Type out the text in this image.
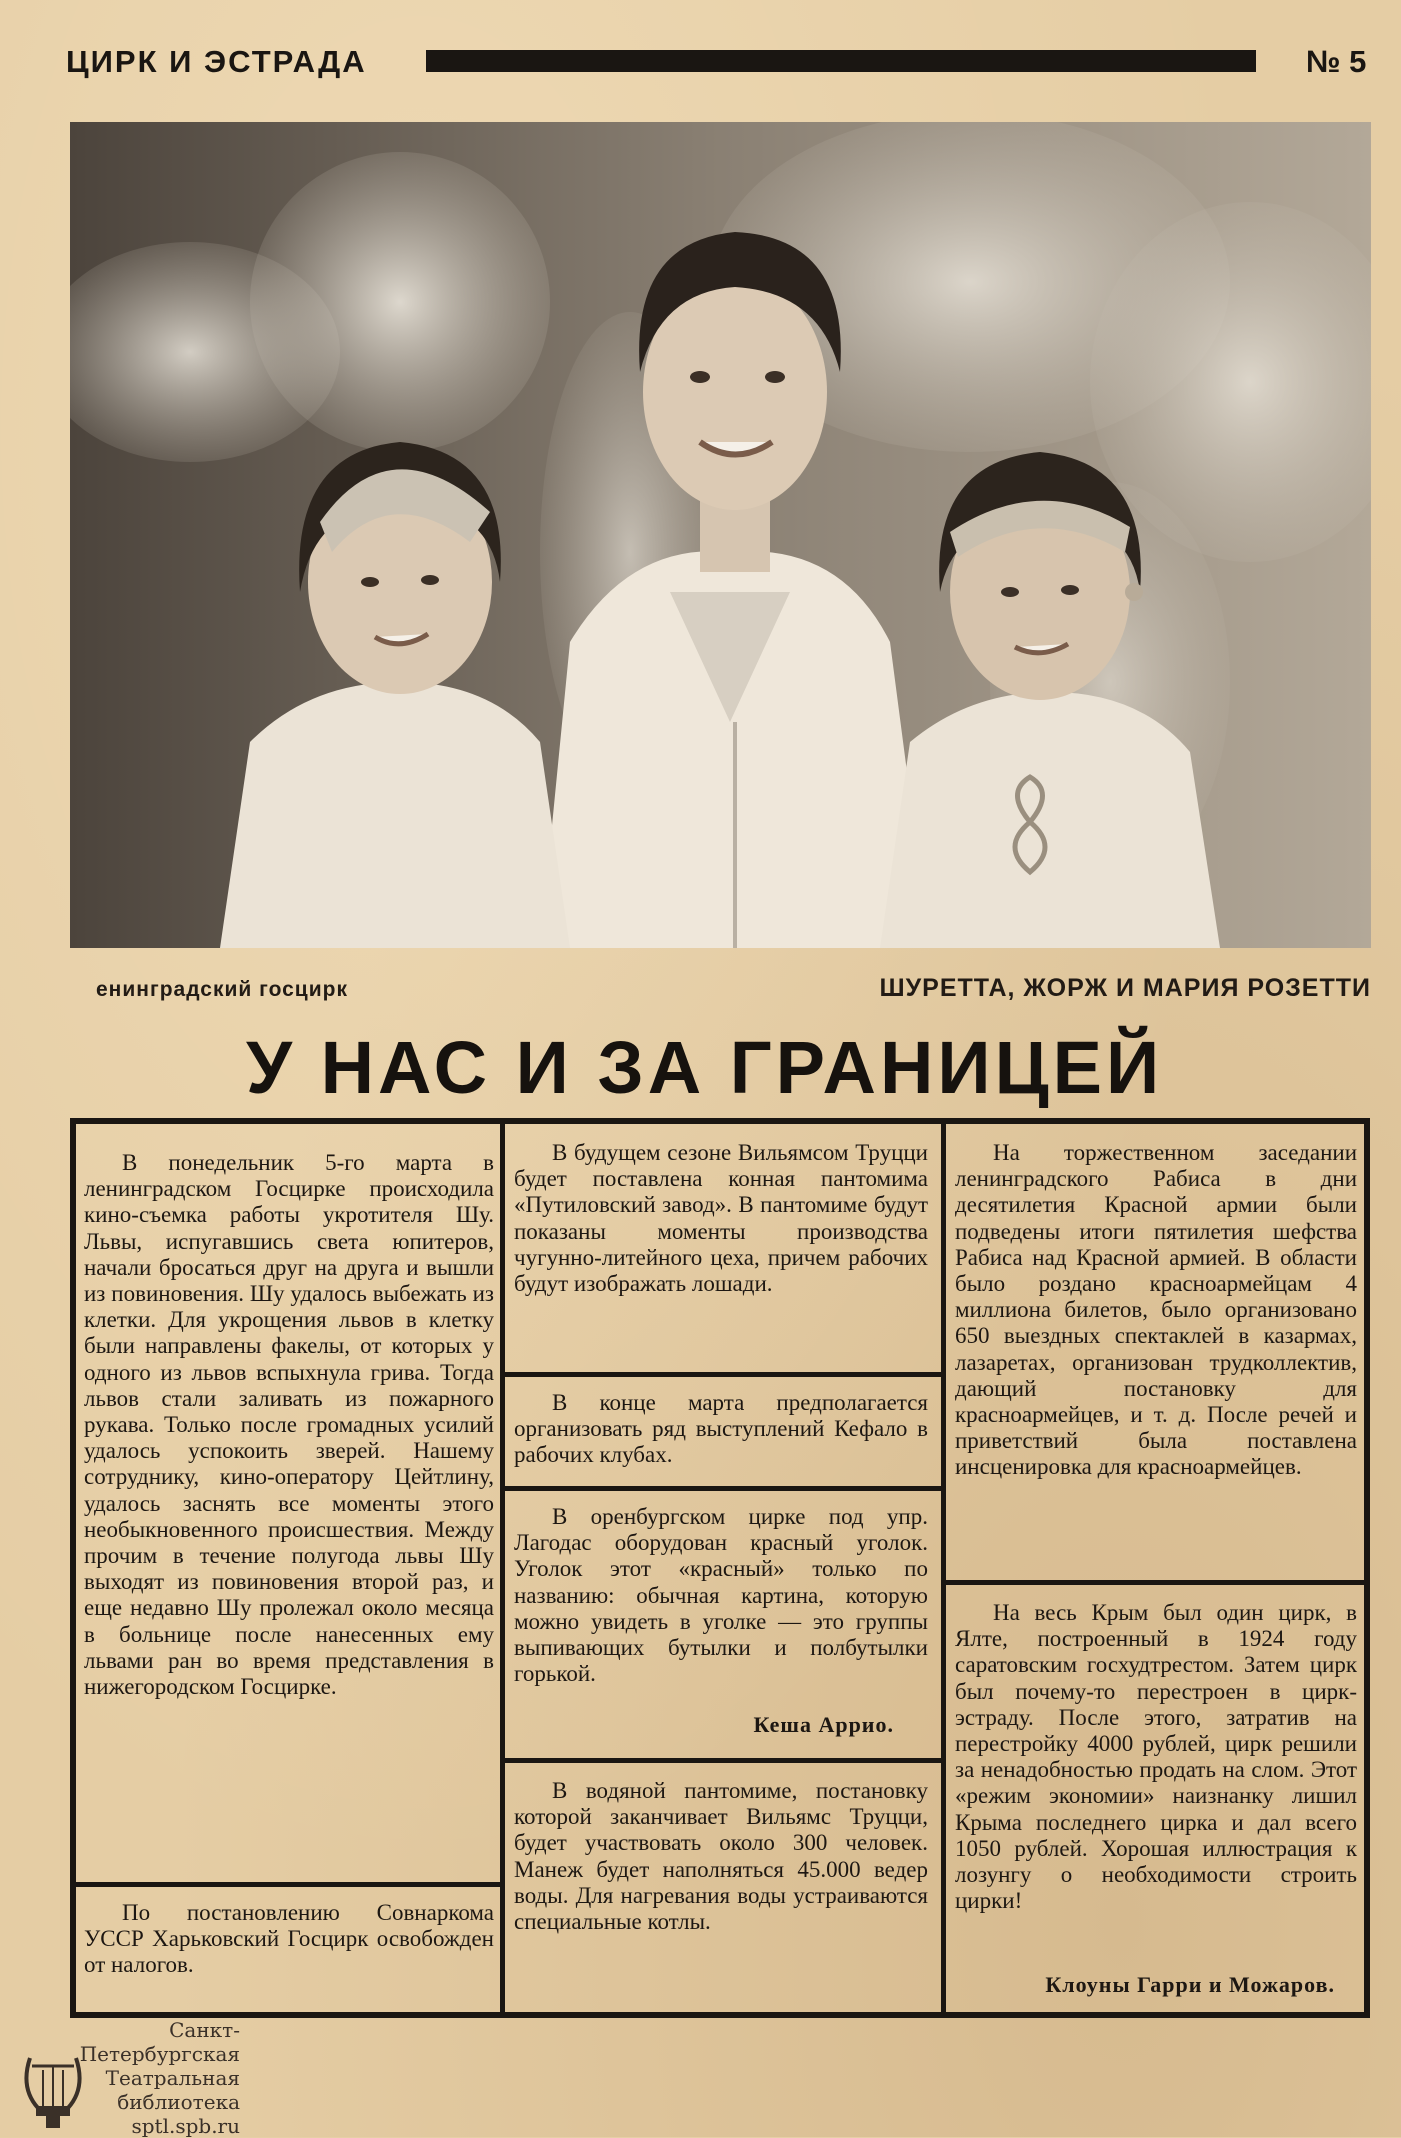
ЦИРК И ЭСТРАДА	№ 5
енинградский госцирк	ШУРЕТТА, ЖОРЖ И МАРИЯ РОЗЕТТИ
У НАС И ЗА ГРАНИЦЕЙ
В понедельник 5-го марта в ленинградском Госцирке происходила кино-съемка работы укротителя Шу. Львы, испугавшись света юпитеров, начали бросаться друг на друга и вышли из повиновения. Шу удалось выбежать из клетки. Для укрощения львов в клетку были направлены факелы, от которых у одного из львов вспыхнула грива. Тогда львов стали заливать из пожарного рукава. Только после громадных усилий удалось успокоить зверей. Нашему сотруднику, кино-оператору Цейтлину, удалось заснять все моменты этого необыкновенного происшествия. Между прочим в течение полугода львы Шу выходят из повиновения второй раз, и еще недавно Шу пролежал около месяца в больнице после нанесенных ему львами ран во время представления в нижегородском Госцирке.
По постановлению Совнаркома УССР Харьковский Госцирк освобожден от налогов.
В будущем сезоне Вильямсом Труцци будет поставлена конная пантомима «Путиловский завод». В пантомиме будут показаны моменты производства чугунно-литейного цеха, причем рабочих будут изображать лошади.
В конце марта предполагается организовать ряд выступлений Кефало в рабочих клубах.
В оренбургском цирке под упр. Лагодас оборудован красный уголок. Уголок этот «красный» только по названию: обычная картина, которую можно увидеть в уголке — это группы выпивающих бутылки и полбутылки горькой.
Кеша Аррио.
В водяной пантомиме, постановку которой заканчивает Вильямс Труцци, будет участвовать около 300 человек. Манеж будет наполняться 45.000 ведер воды. Для нагревания воды устраиваются специальные котлы.
На торжественном заседании ленинградского Рабиса в дни десятилетия Красной армии были подведены итоги пятилетия шефства Рабиса над Красной армией. В области было роздано красноармейцам 4 миллиона билетов, было организовано 650 выездных спектаклей в казармах, лазаретах, организован трудколлектив, дающий постановку для красноармейцев, и т. д. После речей и приветствий была поставлена инсценировка для красноармейцев.
На весь Крым был один цирк, в Ялте, построенный в 1924 году саратовским госхудтрестом. Затем цирк был почему-то перестроен в цирк-эстраду. После этого, затратив на перестройку 4000 рублей, цирк решили за ненадобностью продать на слом. Этот «режим экономии» наизнанку лишил Крыма последнего цирка и дал всего 1050 рублей. Хорошая иллюстрация к лозунгу о необходимости строить цирки!
Клоуны Гарри и Можаров.
Санкт-Петербургская
Театральная
библиотека
sptl.spb.ru
